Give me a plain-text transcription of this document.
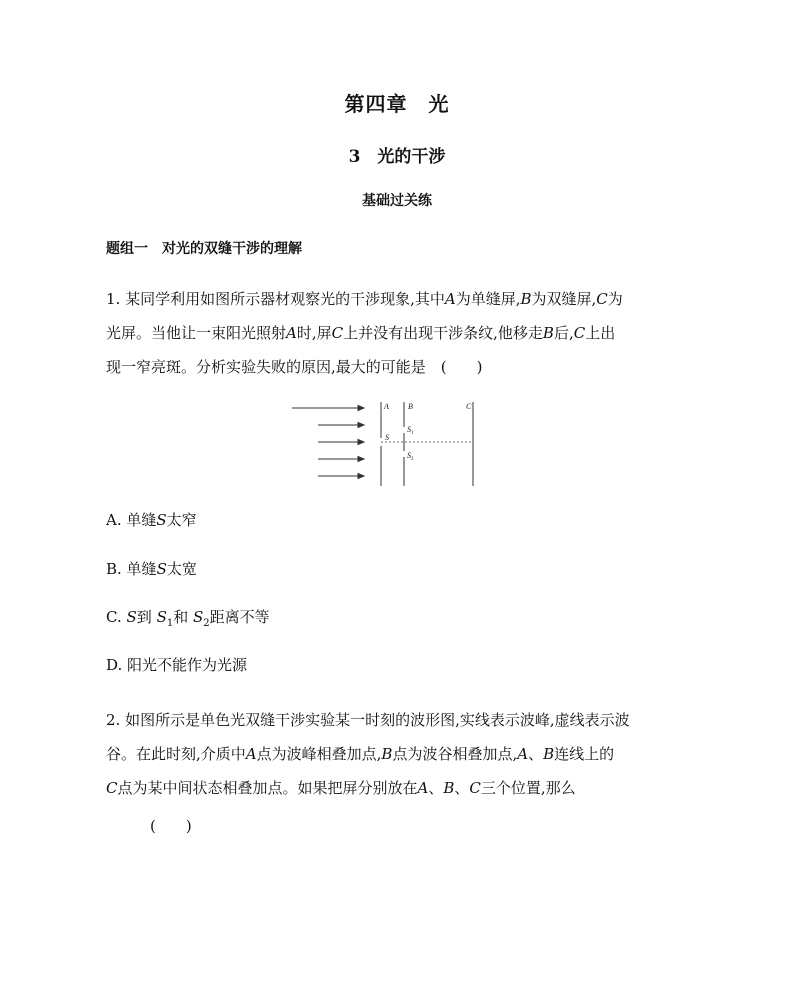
第四章　光
3　光的干涉
基础过关练
题组一　对光的双缝干涉的理解
1. 某同学利用如图所示器材观察光的干涉现象,其中A为单缝屏,B为双缝屏,C为
光屏。当他让一束阳光照射A时,屏C上并没有出现干涉条纹,他移走B后,C上出
现一窄亮斑。分析实验失败的原因,最大的可能是　(　　)
A B	C
S
$S_1$
$S_2$
A. 单缝S太窄
B. 单缝S太宽
C. S到 $S_1$和 $S_2$距离不等
D. 阳光不能作为光源
2. 如图所示是单色光双缝干涉实验某一时刻的波形图,实线表示波峰,虚线表示波
谷。在此时刻,介质中A点为波峰相叠加点,B点为波谷相叠加点,A、B连线上的
C点为某中间状态相叠加点。如果把屏分别放在A、B、C三个位置,那么
(　　)
